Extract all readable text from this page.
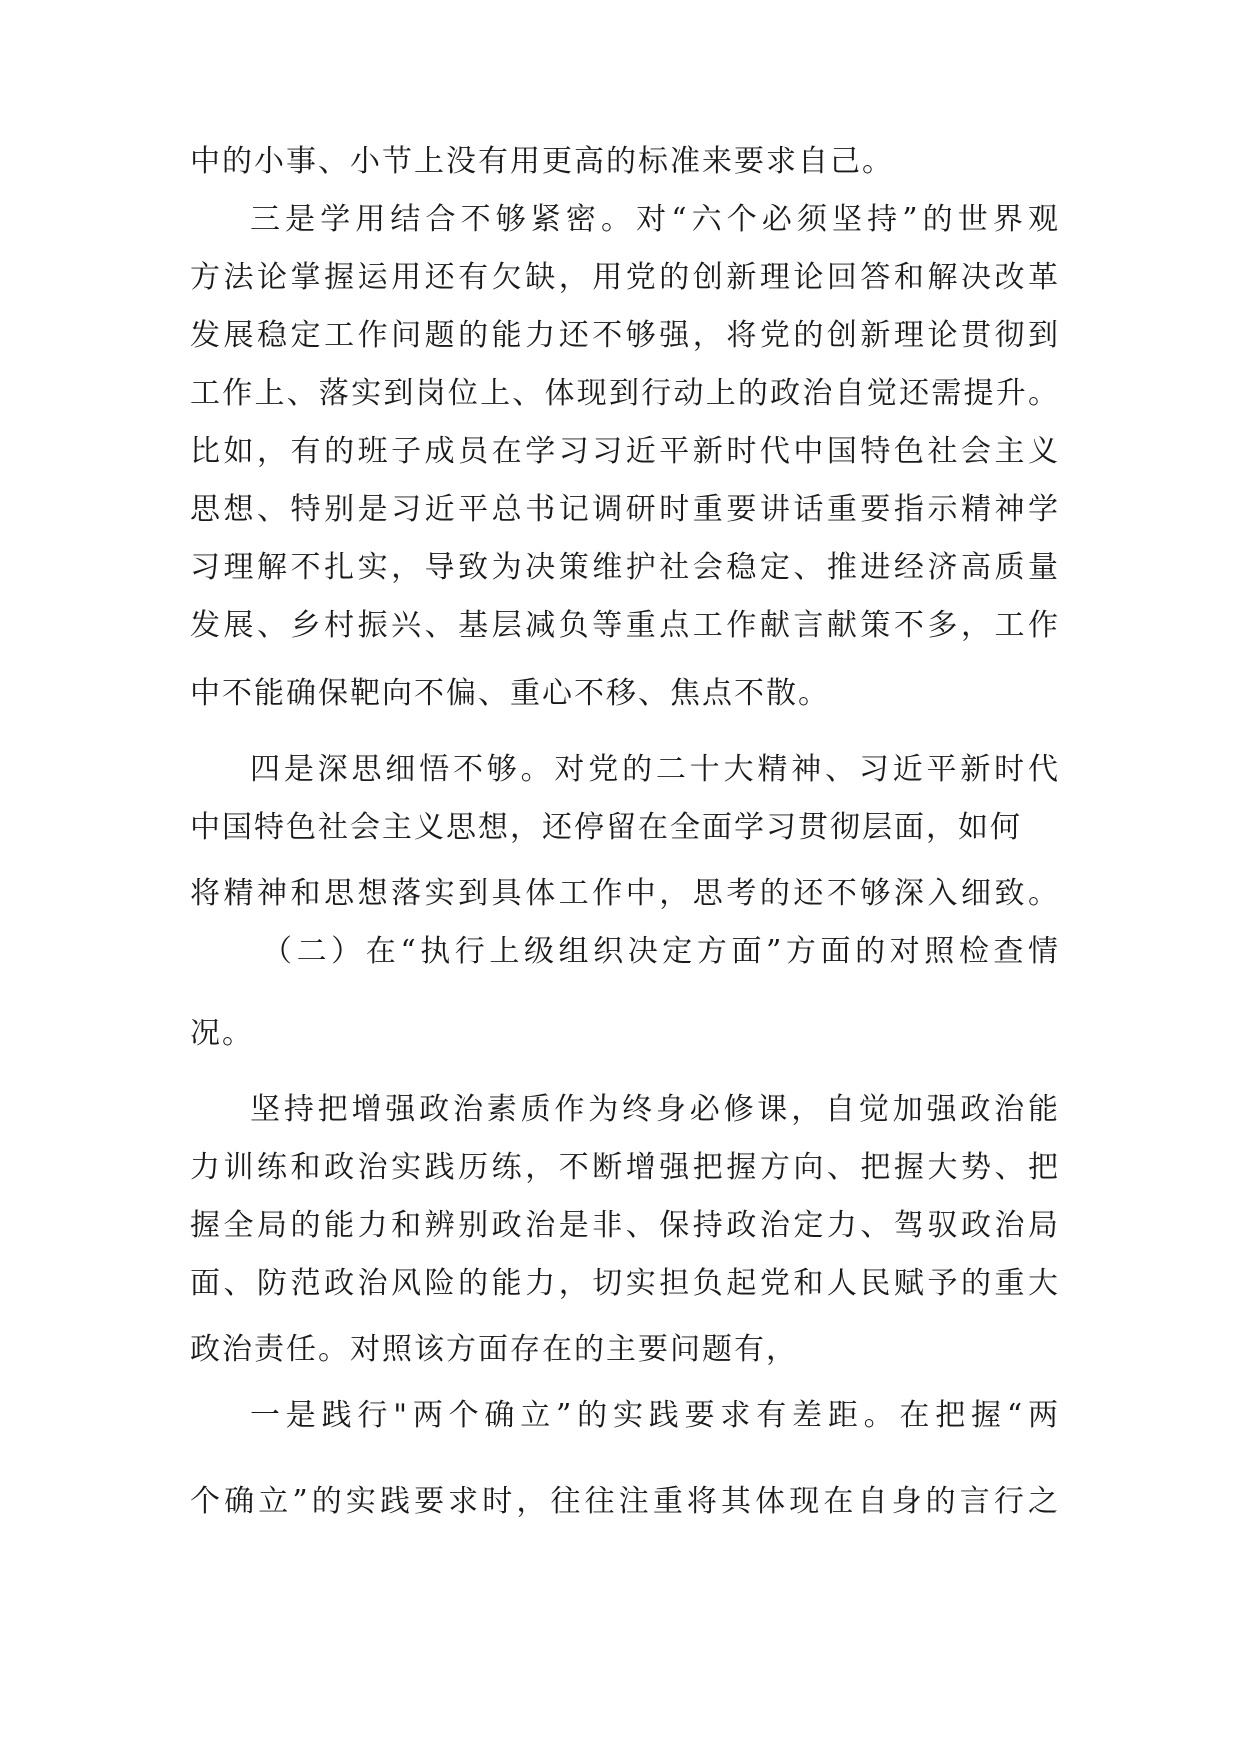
中的小事、小节上没有用更高的标准来要求自己。
三是学用结合不够紧密。对“六个必须坚持”的世界观
方法论掌握运用还有欠缺，用党的创新理论回答和解决改革
发展稳定工作问题的能力还不够强，将党的创新理论贯彻到
工作上、落实到岗位上、体现到行动上的政治自觉还需提升。
比如，有的班子成员在学习习近平新时代中国特色社会主义
思想、特别是习近平总书记调研时重要讲话重要指示精神学
习理解不扎实，导致为决策维护社会稳定、推进经济高质量
发展、乡村振兴、基层减负等重点工作献言献策不多，工作
中不能确保靶向不偏、重心不移、焦点不散。
四是深思细悟不够。对党的二十大精神、习近平新时代
中国特色社会主义思想，还停留在全面学习贯彻层面，如何
将精神和思想落实到具体工作中，思考的还不够深入细致。
（二）在“执行上级组织决定方面”方面的对照检查情
况。
坚持把增强政治素质作为终身必修课，自觉加强政治能
力训练和政治实践历练，不断增强把握方向、把握大势、把
握全局的能力和辨别政治是非、保持政治定力、驾驭政治局
面、防范政治风险的能力，切实担负起党和人民赋予的重大
政治责任。对照该方面存在的主要问题有，
一是践行"两个确立”的实践要求有差距。在把握“两
个确立”的实践要求时，往往注重将其体现在自身的言行之
